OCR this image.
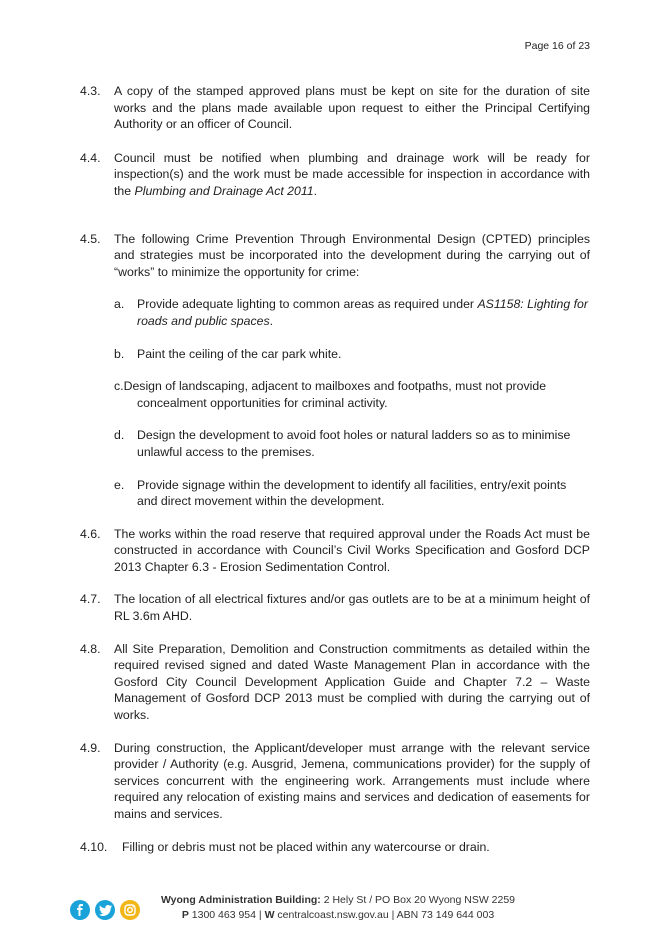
Page 16 of 23
4.3. A copy of the stamped approved plans must be kept on site for the duration of site works and the plans made available upon request to either the Principal Certifying Authority or an officer of Council.
4.4. Council must be notified when plumbing and drainage work will be ready for inspection(s) and the work must be made accessible for inspection in accordance with the Plumbing and Drainage Act 2011.
4.5. The following Crime Prevention Through Environmental Design (CPTED) principles and strategies must be incorporated into the development during the carrying out of “works” to minimize the opportunity for crime:
a. Provide adequate lighting to common areas as required under AS1158: Lighting for roads and public spaces.
b. Paint the ceiling of the car park white.
c.Design of landscaping, adjacent to mailboxes and footpaths, must not provide concealment opportunities for criminal activity.
d. Design the development to avoid foot holes or natural ladders so as to minimise unlawful access to the premises.
e. Provide signage within the development to identify all facilities, entry/exit points and direct movement within the development.
4.6. The works within the road reserve that required approval under the Roads Act must be constructed in accordance with Council’s Civil Works Specification and Gosford DCP 2013 Chapter 6.3 - Erosion Sedimentation Control.
4.7. The location of all electrical fixtures and/or gas outlets are to be at a minimum height of RL 3.6m AHD.
4.8. All Site Preparation, Demolition and Construction commitments as detailed within the required revised signed and dated Waste Management Plan in accordance with the Gosford City Council Development Application Guide and Chapter 7.2 – Waste Management of Gosford DCP 2013 must be complied with during the carrying out of works.
4.9. During construction, the Applicant/developer must arrange with the relevant service provider / Authority (e.g. Ausgrid, Jemena, communications provider) for the supply of services concurrent with the engineering work. Arrangements must include where required any relocation of existing mains and services and dedication of easements for mains and services.
4.10. Filling or debris must not be placed within any watercourse or drain.
Wyong Administration Building: 2 Hely St / PO Box 20 Wyong NSW 2259
P 1300 463 954 | W centralcoast.nsw.gov.au | ABN 73 149 644 003
